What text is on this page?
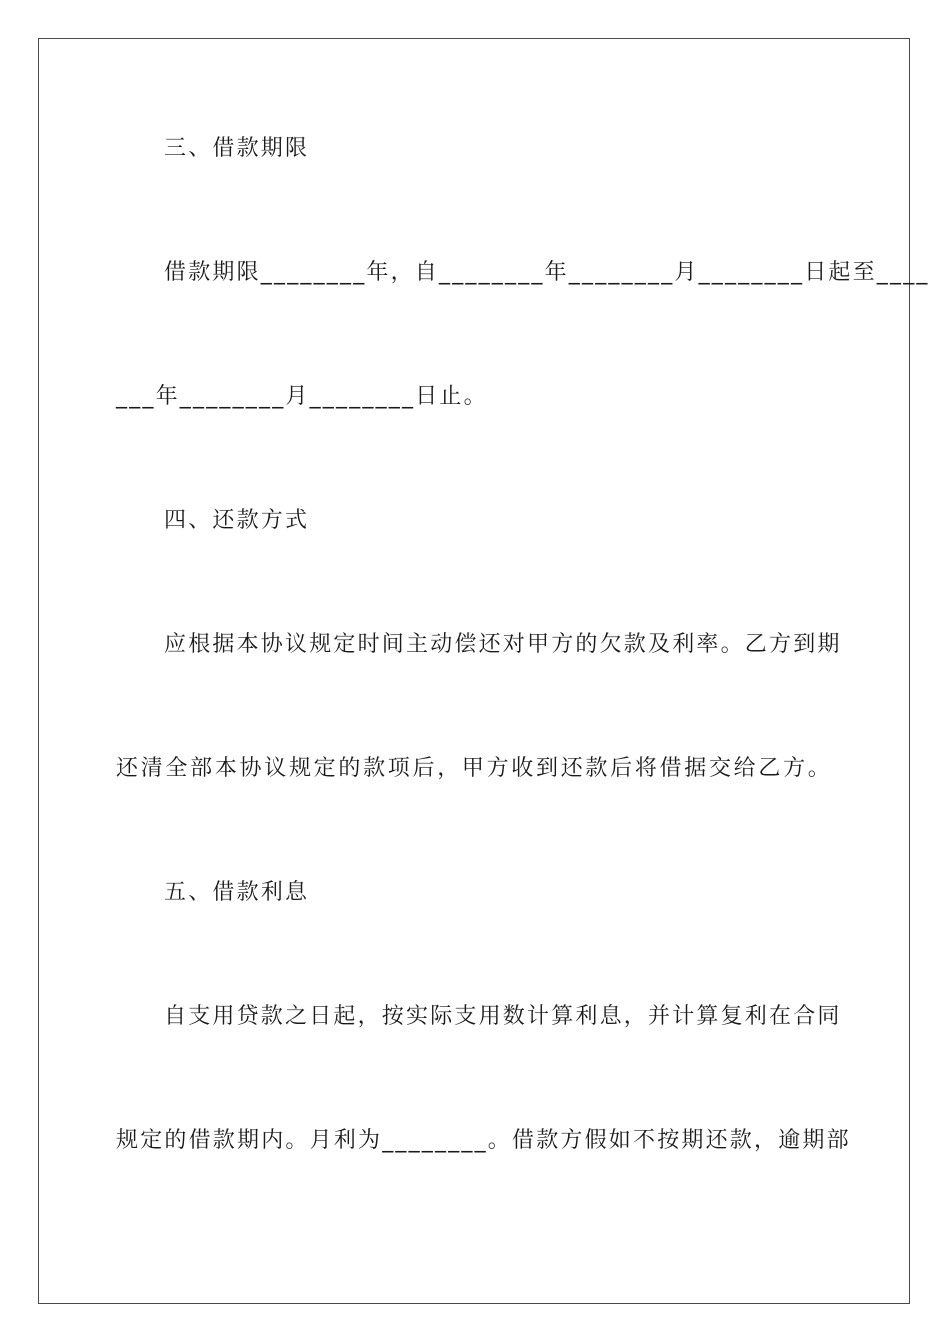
三、借款期限
借款期限________年，自________年________月________日起至____
___年________月________日止。
四、还款方式
应根据本协议规定时间主动偿还对甲方的欠款及利率。乙方到期
还清全部本协议规定的款项后，甲方收到还款后将借据交给乙方。
五、借款利息
自支用贷款之日起，按实际支用数计算利息，并计算复利在合同
规定的借款期内。月利为________。借款方假如不按期还款，逾期部
